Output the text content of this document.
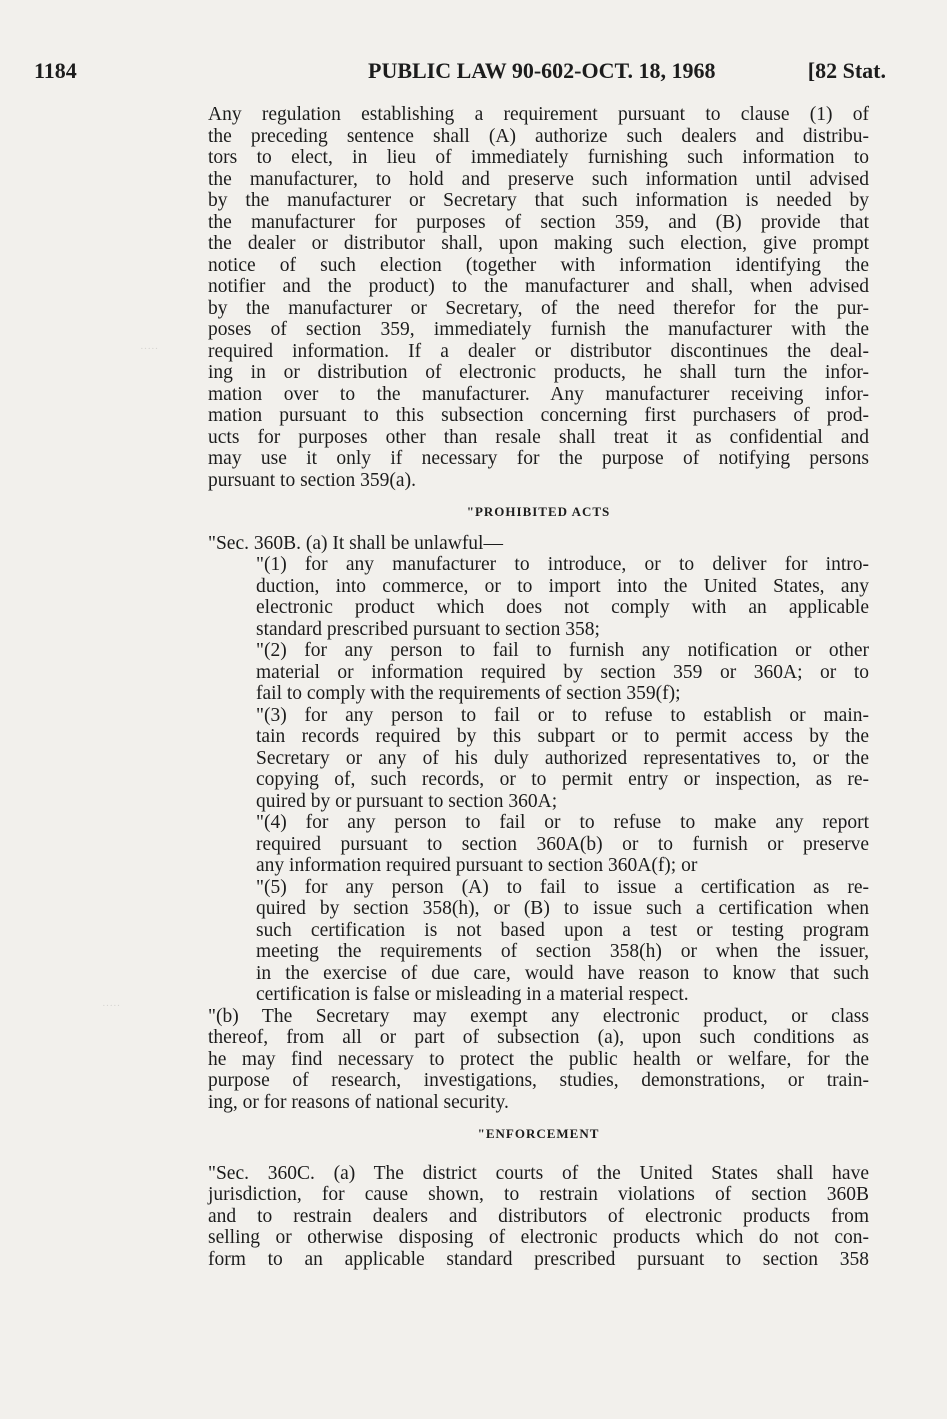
1184	PUBLIC LAW 90-602-OCT. 18, 1968	[82 Stat.
·····
·····
Any regulation establishing a requirement pursuant to clause (1) of
the preceding sentence shall (A) authorize such dealers and distribu-
tors to elect, in lieu of immediately furnishing such information to
the manufacturer, to hold and preserve such information until advised
by the manufacturer or Secretary that such information is needed by
the manufacturer for purposes of section 359, and (B) provide that
the dealer or distributor shall, upon making such election, give prompt
notice of such election (together with information identifying the
notifier and the product) to the manufacturer and shall, when advised
by the manufacturer or Secretary, of the need therefor for the pur-
poses of section 359, immediately furnish the manufacturer with the
required information. If a dealer or distributor discontinues the deal-
ing in or distribution of electronic products, he shall turn the infor-
mation over to the manufacturer. Any manufacturer receiving infor-
mation pursuant to this subsection concerning first purchasers of prod-
ucts for purposes other than resale shall treat it as confidential and
may use it only if necessary for the purpose of notifying persons
pursuant to section 359(a).
"PROHIBITED ACTS
"Sec. 360B. (a) It shall be unlawful—
"(1) for any manufacturer to introduce, or to deliver for intro-
duction, into commerce, or to import into the United States, any
electronic product which does not comply with an applicable
standard prescribed pursuant to section 358;
"(2) for any person to fail to furnish any notification or other
material or information required by section 359 or 360A; or to
fail to comply with the requirements of section 359(f);
"(3) for any person to fail or to refuse to establish or main-
tain records required by this subpart or to permit access by the
Secretary or any of his duly authorized representatives to, or the
copying of, such records, or to permit entry or inspection, as re-
quired by or pursuant to section 360A;
"(4) for any person to fail or to refuse to make any report
required pursuant to section 360A(b) or to furnish or preserve
any information required pursuant to section 360A(f); or
"(5) for any person (A) to fail to issue a certification as re-
quired by section 358(h), or (B) to issue such a certification when
such certification is not based upon a test or testing program
meeting the requirements of section 358(h) or when the issuer,
in the exercise of due care, would have reason to know that such
certification is false or misleading in a material respect.
"(b) The Secretary may exempt any electronic product, or class
thereof, from all or part of subsection (a), upon such conditions as
he may find necessary to protect the public health or welfare, for the
purpose of research, investigations, studies, demonstrations, or train-
ing, or for reasons of national security.
"ENFORCEMENT
"Sec. 360C. (a) The district courts of the United States shall have
jurisdiction, for cause shown, to restrain violations of section 360B
and to restrain dealers and distributors of electronic products from
selling or otherwise disposing of electronic products which do not con-
form to an applicable standard prescribed pursuant to section 358
